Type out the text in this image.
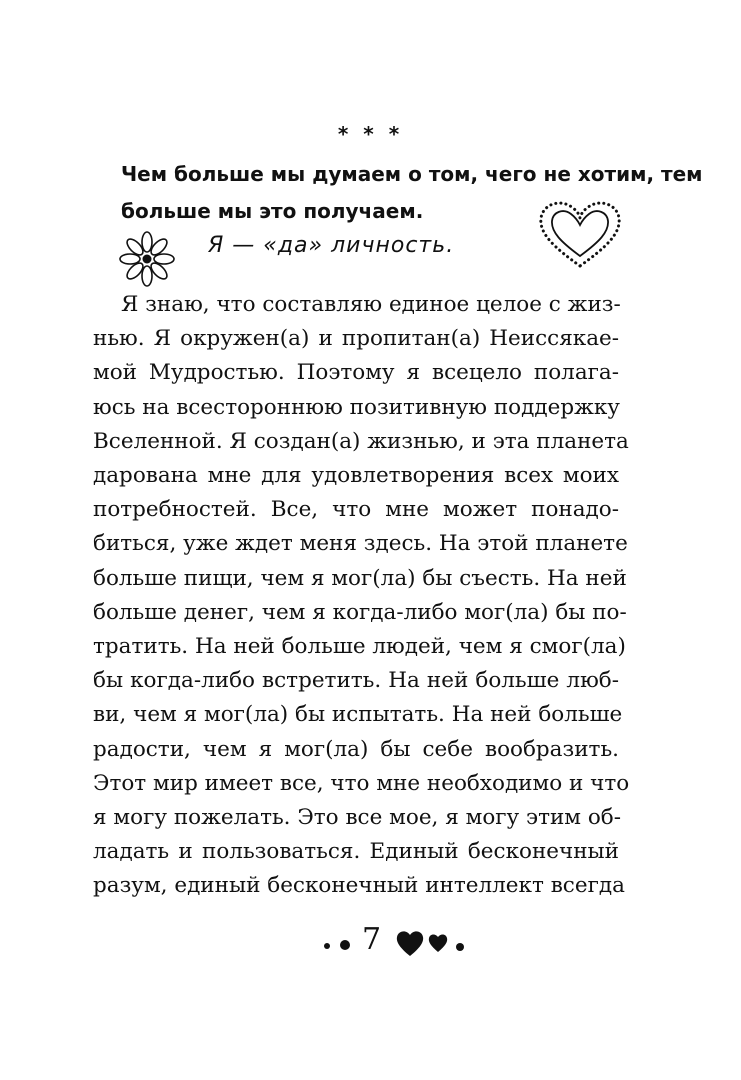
* * *
Чем больше мы думаем о том, чего не хотим, тем
больше мы это получаем.
Я — «да» личность.
Я знаю, что составляю единое целое с жиз-
нью. Я окружен(а) и пропитан(а) Неиссякае-
мой Мудростью. Поэтому я всецело полага-
юсь на всестороннюю позитивную поддержку
Вселенной. Я создан(а) жизнью, и эта планета
дарована мне для удовлетворения всех моих
потребностей. Все, что мне может понадо-
биться, уже ждет меня здесь. На этой планете
больше пищи, чем я мог(ла) бы съесть. На ней
больше денег, чем я когда-либо мог(ла) бы по-
тратить. На ней больше людей, чем я смог(ла)
бы когда-либо встретить. На ней больше люб-
ви, чем я мог(ла) бы испытать. На ней больше
радости, чем я мог(ла) бы себе вообразить.
Этот мир имеет все, что мне необходимо и что
я могу пожелать. Это все мое, я могу этим об-
ладать и пользоваться. Единый бесконечный
разум, единый бесконечный интеллект всегда
7
